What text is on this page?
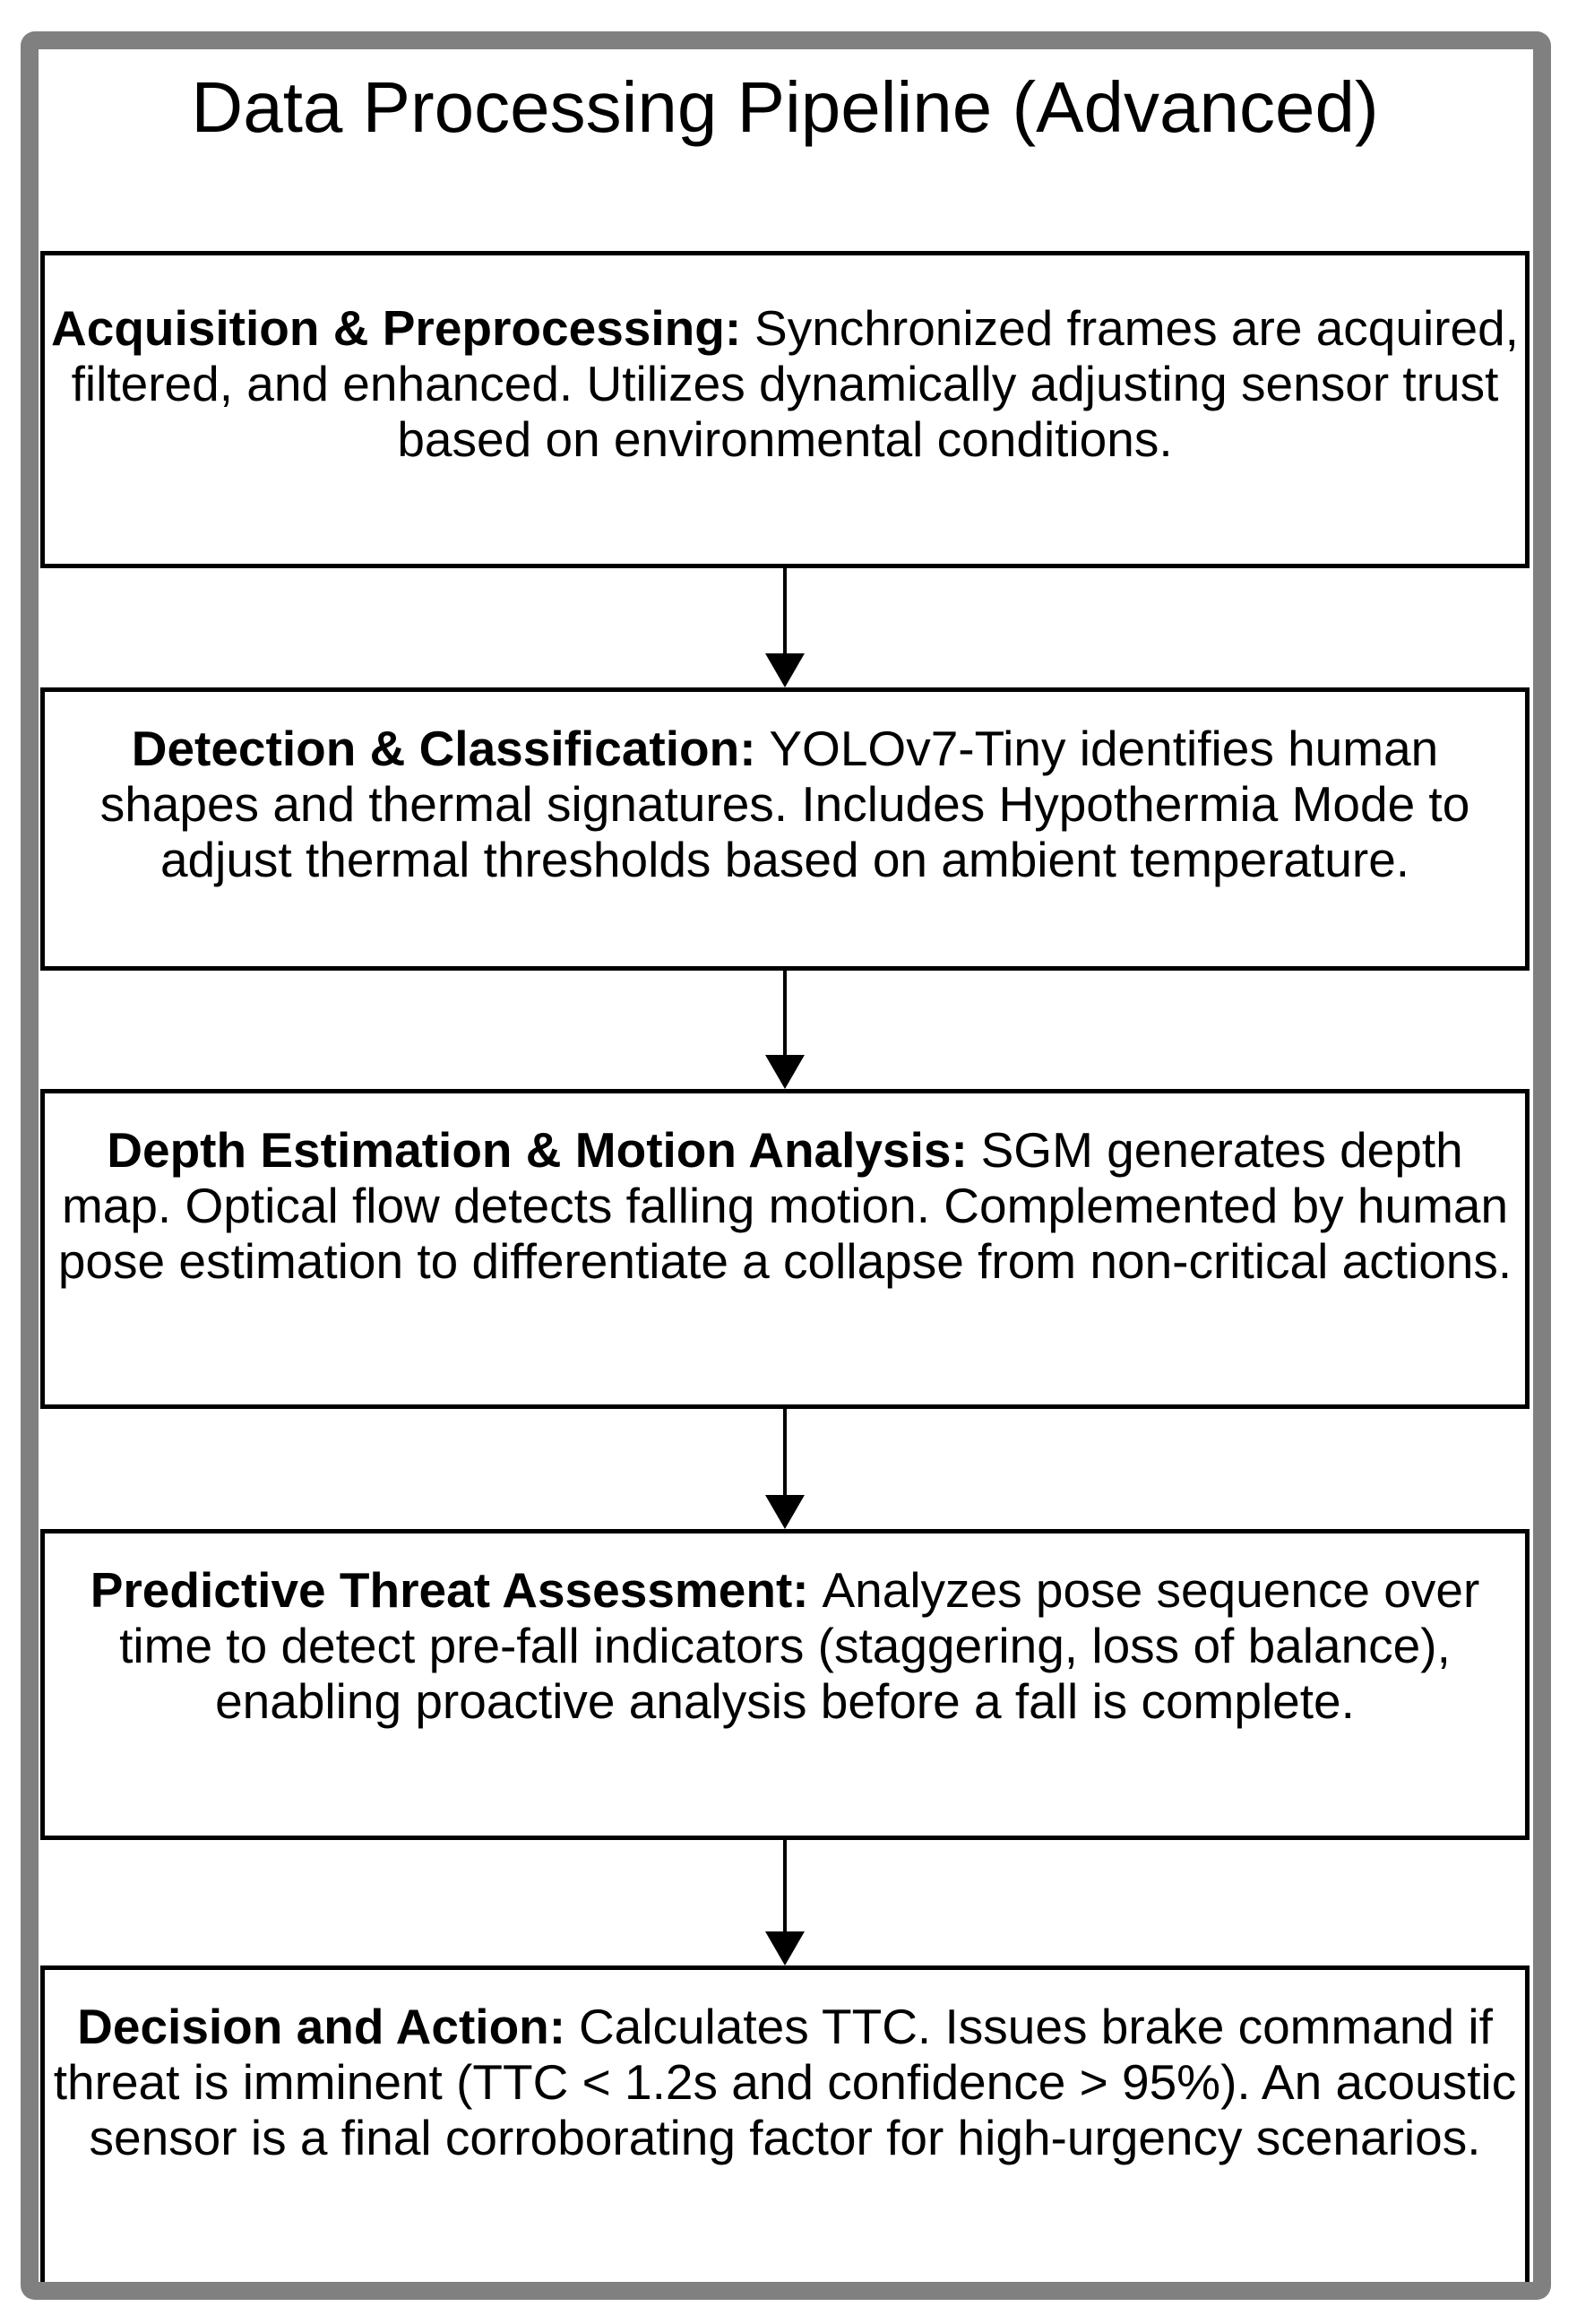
Data Processing Pipeline (Advanced)

Acquisition & Preprocessing: Synchronized frames are acquired, filtered, and enhanced. Utilizes dynamically adjusting sensor trust based on environmental conditions.

Detection & Classification: YOLOv7-Tiny identifies human shapes and thermal signatures. Includes Hypothermia Mode to adjust thermal thresholds based on ambient temperature.

Depth Estimation & Motion Analysis: SGM generates depth map. Optical flow detects falling motion. Complemented by human pose estimation to differentiate a collapse from non-critical actions.

Predictive Threat Assessment: Analyzes pose sequence over time to detect pre-fall indicators (staggering, loss of balance), enabling proactive analysis before a fall is complete.

Decision and Action: Calculates TTC. Issues brake command if threat is imminent (TTC < 1.2s and confidence > 95%). An acoustic sensor is a final corroborating factor for high-urgency scenarios.
